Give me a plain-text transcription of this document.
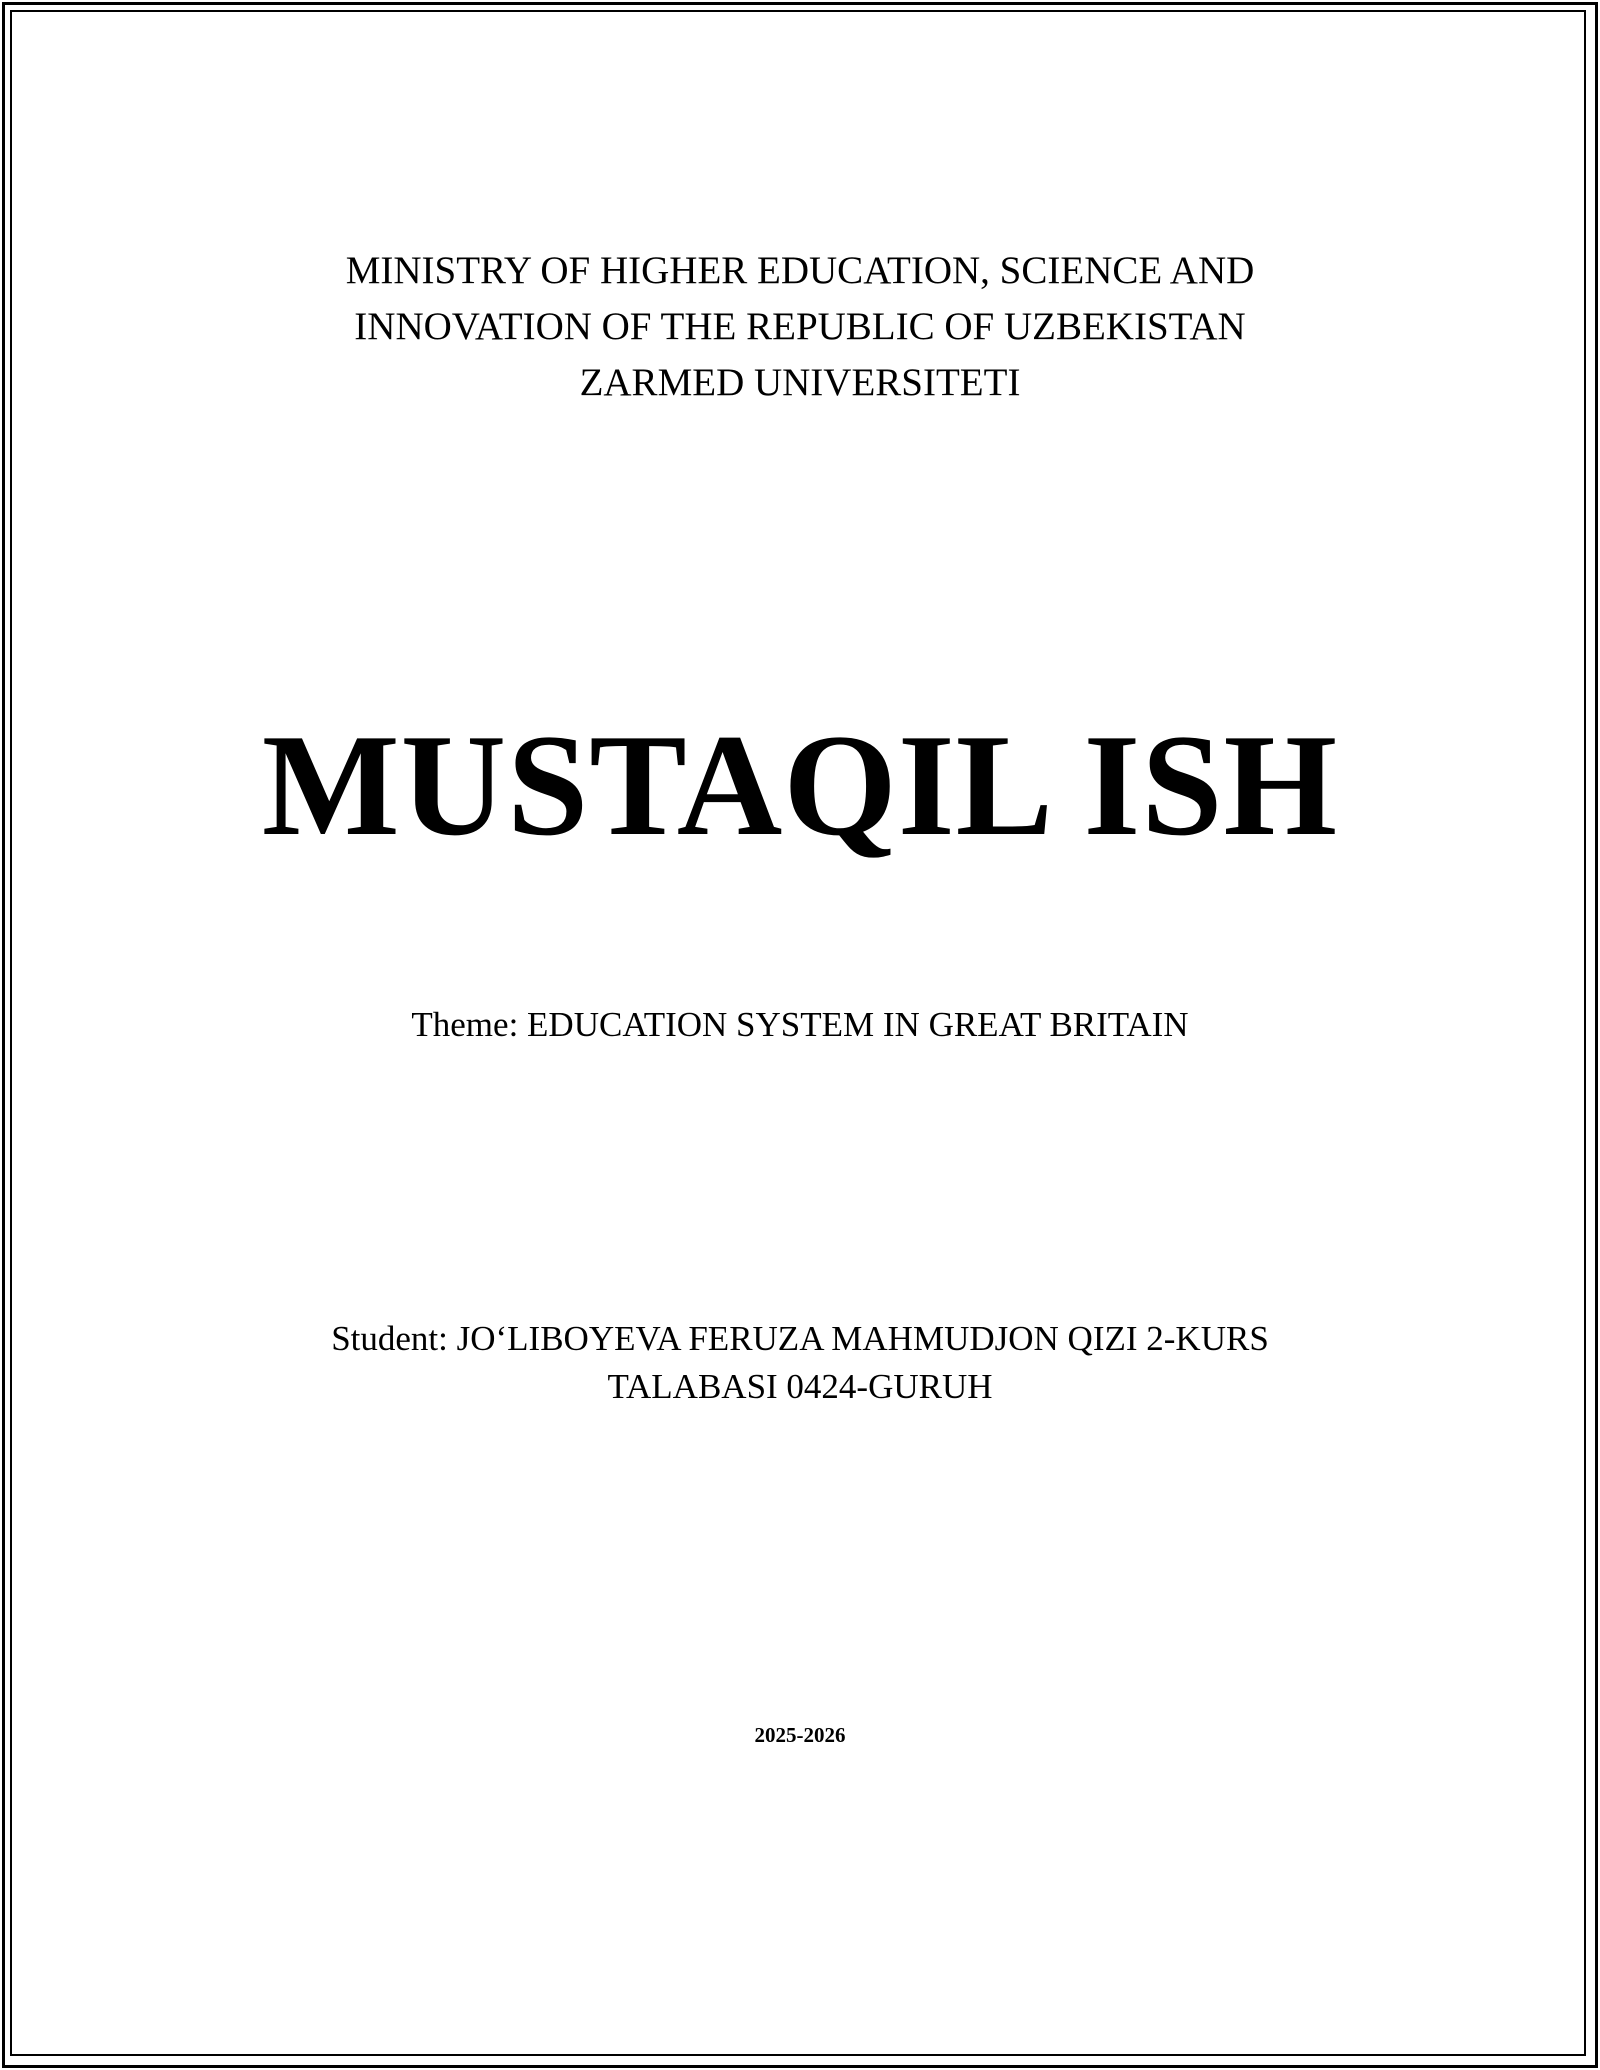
MINISTRY OF HIGHER EDUCATION, SCIENCE AND
INNOVATION OF THE REPUBLIC OF UZBEKISTAN
ZARMED UNIVERSITETI
MUSTAQIL ISH
Theme: EDUCATION SYSTEM IN GREAT BRITAIN
Student: JO‘LIBOYEVA FERUZA MAHMUDJON QIZI 2-KURS
TALABASI 0424-GURUH
2025-2026
